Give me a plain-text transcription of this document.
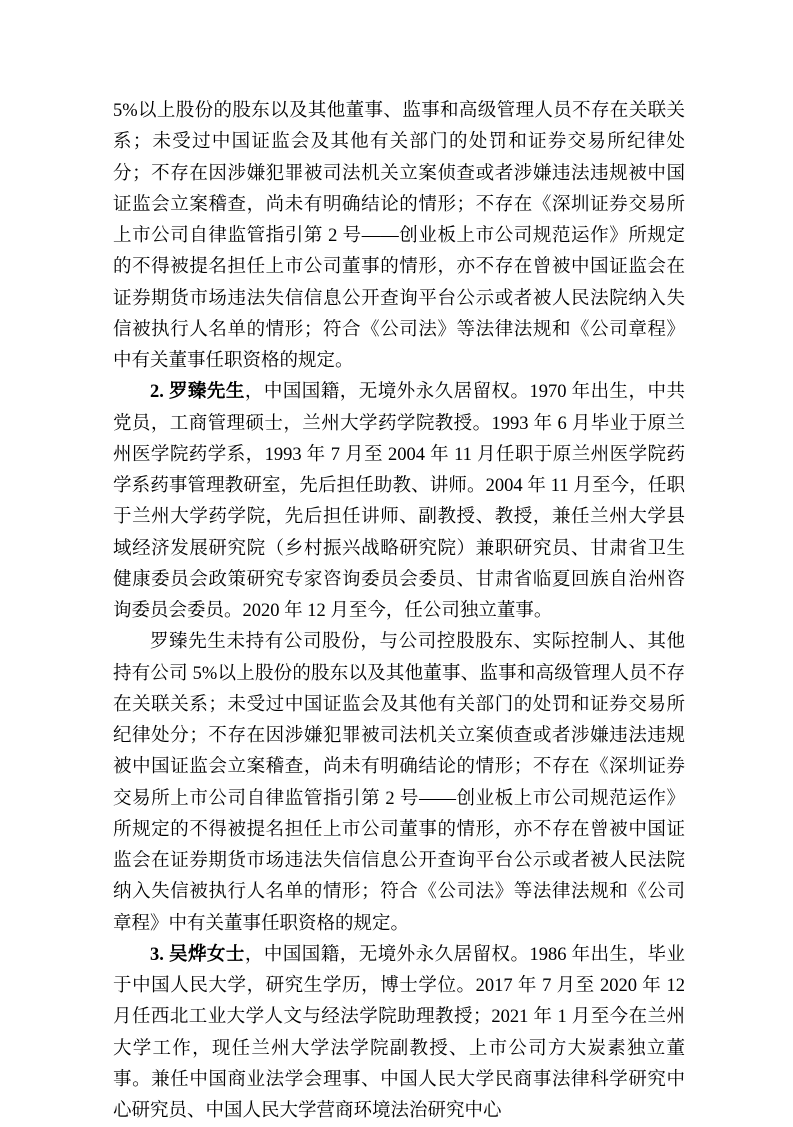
5%以上股份的股东以及其他董事、监事和高级管理人员不存在关联关系；未受过中国证监会及其他有关部门的处罚和证券交易所纪律处分；不存在因涉嫌犯罪被司法机关立案侦查或者涉嫌违法违规被中国证监会立案稽查，尚未有明确结论的情形；不存在《深圳证券交易所上市公司自律监管指引第 2 号——创业板上市公司规范运作》所规定的不得被提名担任上市公司董事的情形，亦不存在曾被中国证监会在证券期货市场违法失信信息公开查询平台公示或者被人民法院纳入失信被执行人名单的情形；符合《公司法》等法律法规和《公司章程》中有关董事任职资格的规定。

2. 罗臻先生，中国国籍，无境外永久居留权。1970 年出生，中共党员，工商管理硕士，兰州大学药学院教授。1993 年 6 月毕业于原兰州医学院药学系，1993 年 7 月至 2004 年 11 月任职于原兰州医学院药学系药事管理教研室，先后担任助教、讲师。2004 年 11 月至今，任职于兰州大学药学院，先后担任讲师、副教授、教授，兼任兰州大学县域经济发展研究院（乡村振兴战略研究院）兼职研究员、甘肃省卫生健康委员会政策研究专家咨询委员会委员、甘肃省临夏回族自治州咨询委员会委员。2020 年 12 月至今，任公司独立董事。

罗臻先生未持有公司股份，与公司控股股东、实际控制人、其他持有公司 5%以上股份的股东以及其他董事、监事和高级管理人员不存在关联关系；未受过中国证监会及其他有关部门的处罚和证券交易所纪律处分；不存在因涉嫌犯罪被司法机关立案侦查或者涉嫌违法违规被中国证监会立案稽查，尚未有明确结论的情形；不存在《深圳证券交易所上市公司自律监管指引第 2 号——创业板上市公司规范运作》所规定的不得被提名担任上市公司董事的情形，亦不存在曾被中国证监会在证券期货市场违法失信信息公开查询平台公示或者被人民法院纳入失信被执行人名单的情形；符合《公司法》等法律法规和《公司章程》中有关董事任职资格的规定。

3. 吴烨女士，中国国籍，无境外永久居留权。1986 年出生，毕业于中国人民大学，研究生学历，博士学位。2017 年 7 月至 2020 年 12 月任西北工业大学人文与经法学院助理教授；2021 年 1 月至今在兰州大学工作，现任兰州大学法学院副教授、上市公司方大炭素独立董事。兼任中国商业法学会理事、中国人民大学民商事法律科学研究中心研究员、中国人民大学营商环境法治研究中心
